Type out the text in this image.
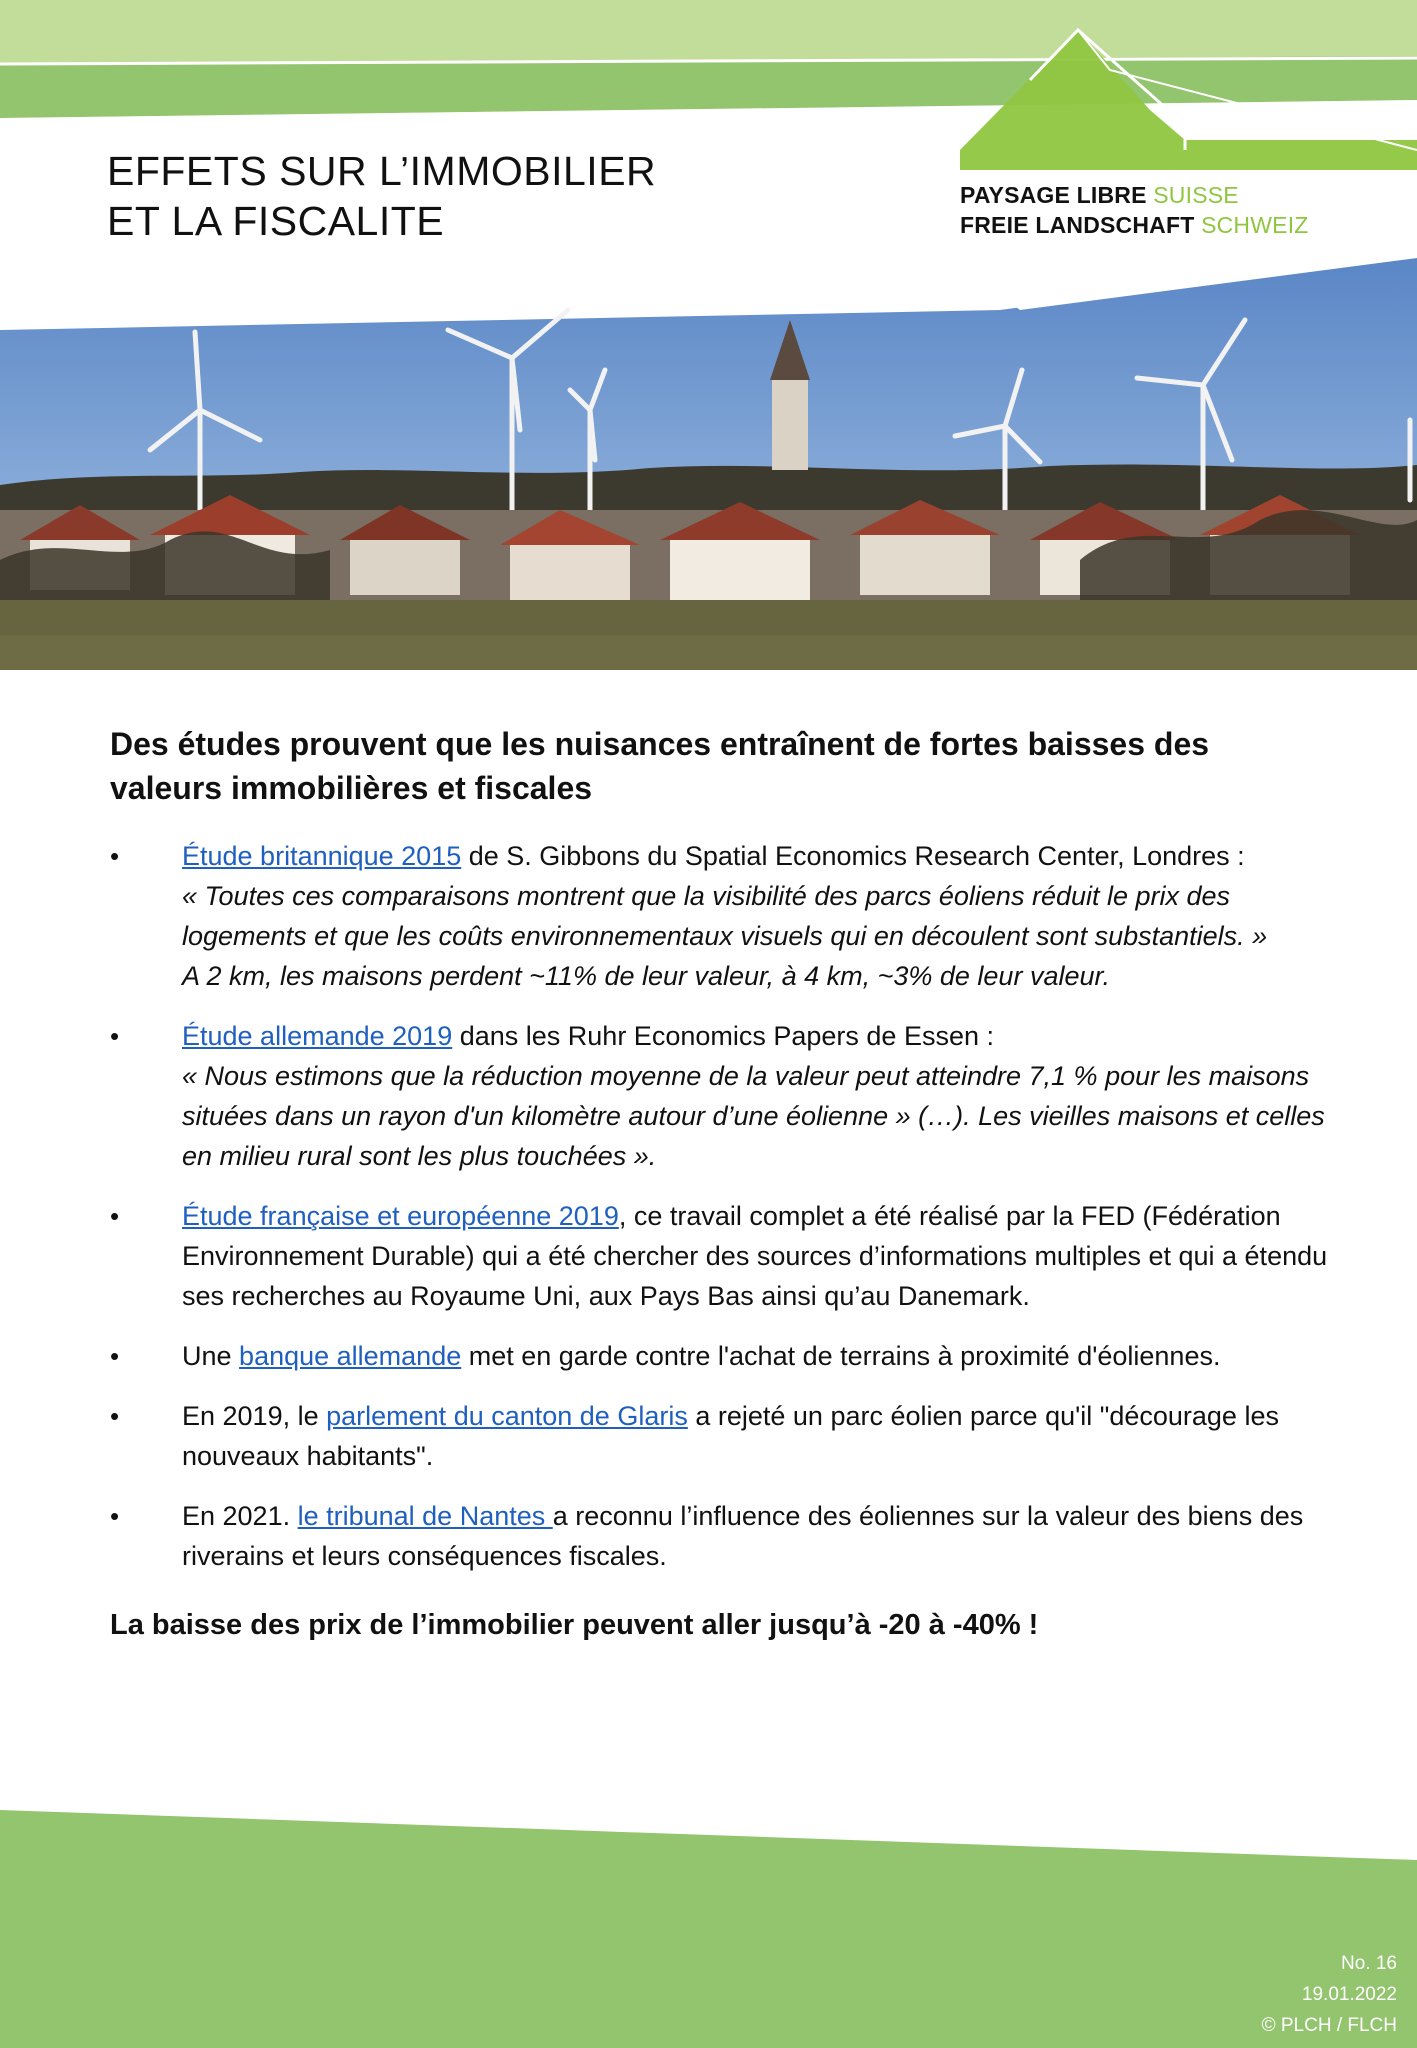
EFFETS SUR L’IMMOBILIER
ET LA FISCALITE
PAYSAGE LIBRE SUISSE
FREIE LANDSCHAFT SCHWEIZ
Des études prouvent que les nuisances entraînent de fortes baisses des valeurs immobilières et fiscales
• Étude britannique 2015 de S. Gibbons du Spatial Economics Research Center, Londres :
« Toutes ces comparaisons montrent que la visibilité des parcs éoliens réduit le prix des logements et que les coûts environnementaux visuels qui en découlent sont substantiels. »
A 2 km, les maisons perdent ~11% de leur valeur, à 4 km, ~3% de leur valeur.
• Étude allemande 2019 dans les Ruhr Economics Papers de Essen :
« Nous estimons que la réduction moyenne de la valeur peut atteindre 7,1 % pour les maisons situées dans un rayon d'un kilomètre autour d’une éolienne » (…). Les vieilles maisons et celles en milieu rural sont les plus touchées ».
• Étude française et européenne 2019, ce travail complet a été réalisé par la FED (Fédération Environnement Durable) qui a été chercher des sources d’informations multiples et qui a étendu ses recherches au Royaume Uni, aux Pays Bas ainsi qu’au Danemark.
• Une banque allemande met en garde contre l'achat de terrains à proximité d'éoliennes.
• En 2019, le parlement du canton de Glaris a rejeté un parc éolien parce qu'il "décourage les nouveaux habitants".
• En 2021. le tribunal de Nantes a reconnu l’influence des éoliennes sur la valeur des biens des riverains et leurs conséquences fiscales.
La baisse des prix de l’immobilier peuvent aller jusqu’à -20 à -40% !
No. 16
19.01.2022
© PLCH / FLCH
